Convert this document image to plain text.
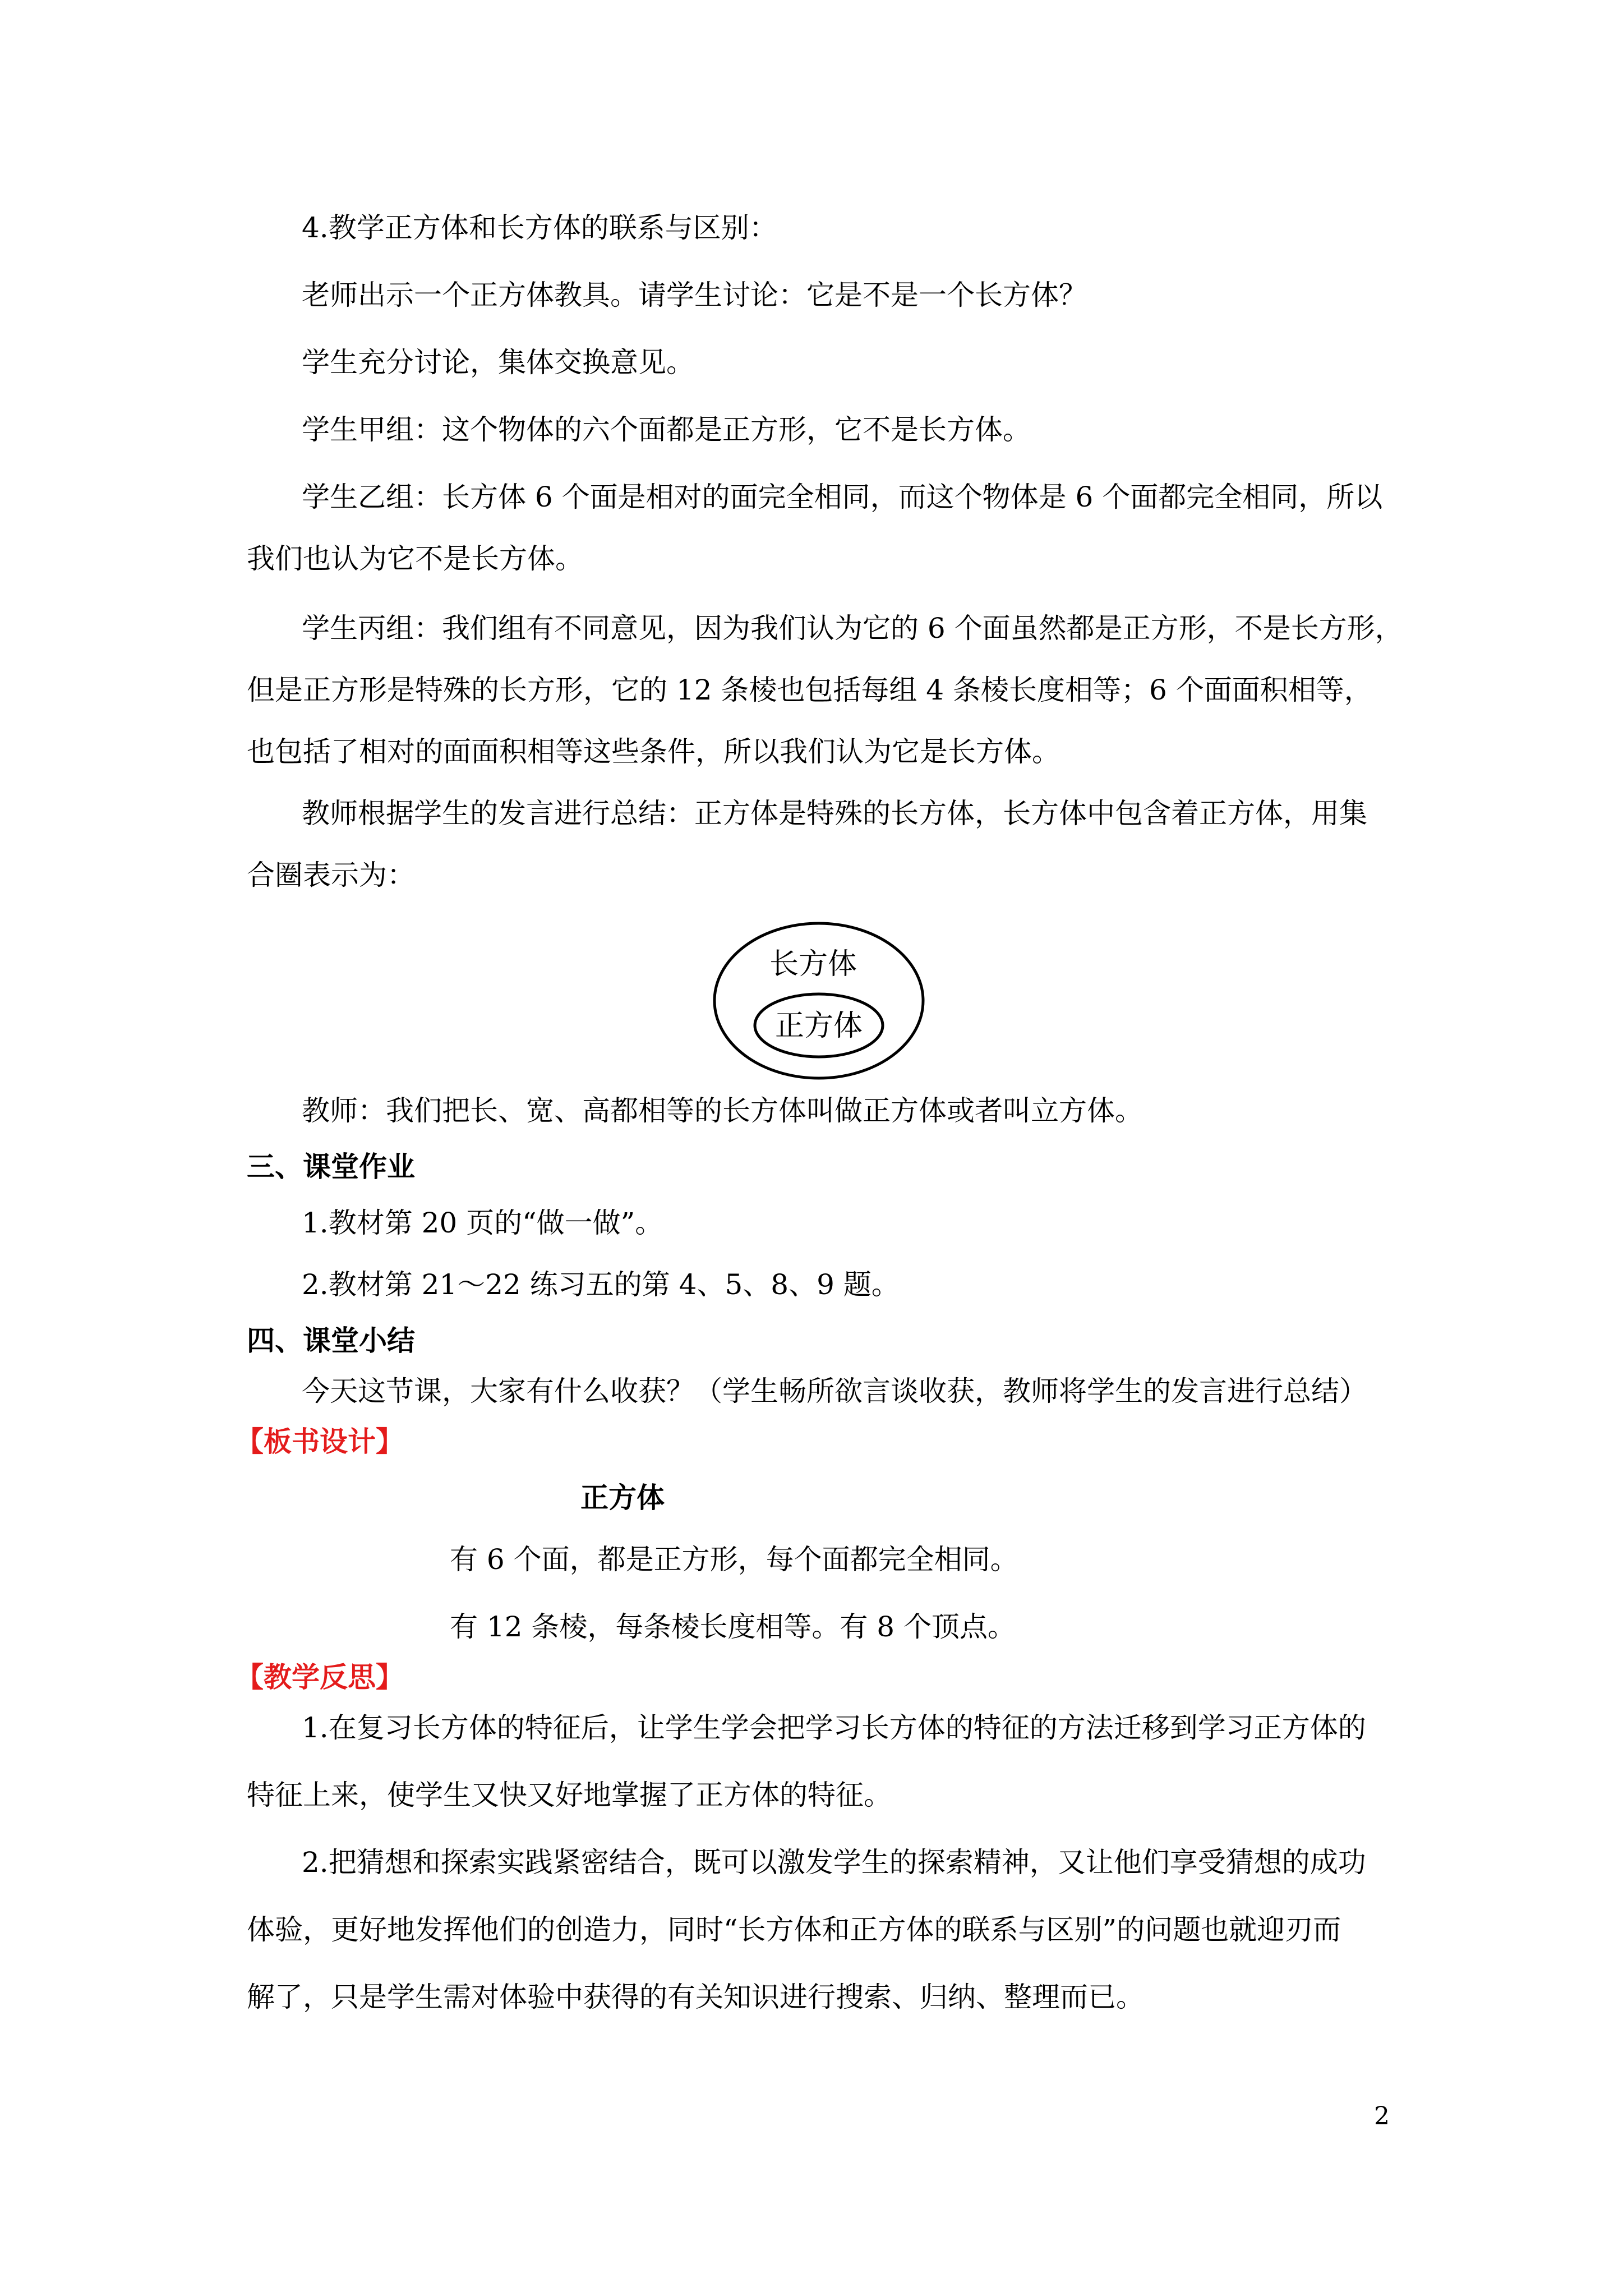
4.教学正方体和长方体的联系与区别：
老师出示一个正方体教具。请学生讨论：它是不是一个长方体？
学生充分讨论，集体交换意见。
学生甲组：这个物体的六个面都是正方形，它不是长方体。
学生乙组：长方体 6 个面是相对的面完全相同，而这个物体是 6 个面都完全相同，所以
我们也认为它不是长方体。
学生丙组：我们组有不同意见，因为我们认为它的 6 个面虽然都是正方形，不是长方形，
但是正方形是特殊的长方形，它的 12 条棱也包括每组 4 条棱长度相等；6 个面面积相等，
也包括了相对的面面积相等这些条件，所以我们认为它是长方体。
教师根据学生的发言进行总结：正方体是特殊的长方体，长方体中包含着正方体，用集
合圈表示为：
长方体
正方体
教师：我们把长、宽、高都相等的长方体叫做正方体或者叫立方体。
三、课堂作业
1.教材第 20 页的“做一做”。
2.教材第 21～22 练习五的第 4、5、8、9 题。
四、课堂小结
今天这节课，大家有什么收获？（学生畅所欲言谈收获，教师将学生的发言进行总结）
【板书设计】
正方体
有 6 个面，都是正方形，每个面都完全相同。
有 12 条棱，每条棱长度相等。有 8 个顶点。
【教学反思】
1.在复习长方体的特征后，让学生学会把学习长方体的特征的方法迁移到学习正方体的
特征上来，使学生又快又好地掌握了正方体的特征。
2.把猜想和探索实践紧密结合，既可以激发学生的探索精神，又让他们享受猜想的成功
体验，更好地发挥他们的创造力，同时“长方体和正方体的联系与区别”的问题也就迎刃而
解了，只是学生需对体验中获得的有关知识进行搜索、归纳、整理而已。
2
